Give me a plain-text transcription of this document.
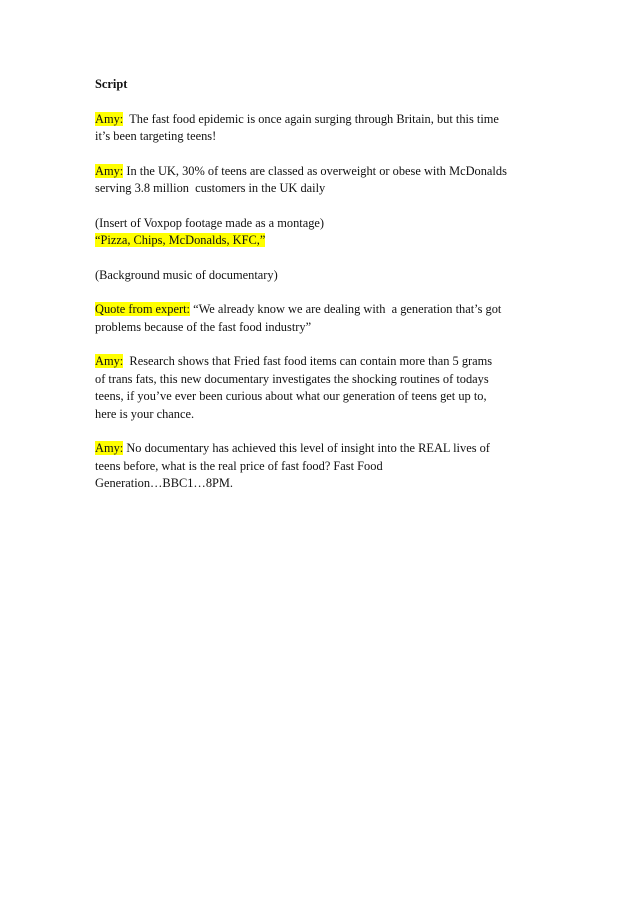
Script
Amy:  The fast food epidemic is once again surging through Britain, but this time
it’s been targeting teens!
Amy: In the UK, 30% of teens are classed as overweight or obese with McDonalds
serving 3.8 million  customers in the UK daily
(Insert of Voxpop footage made as a montage)
“Pizza, Chips, McDonalds, KFC,”
(Background music of documentary)
Quote from expert: “We already know we are dealing with  a generation that’s got
problems because of the fast food industry”
Amy:  Research shows that Fried fast food items can contain more than 5 grams
of trans fats, this new documentary investigates the shocking routines of todays
teens, if you’ve ever been curious about what our generation of teens get up to,
here is your chance.
Amy: No documentary has achieved this level of insight into the REAL lives of
teens before, what is the real price of fast food? Fast Food
Generation…BBC1…8PM.
